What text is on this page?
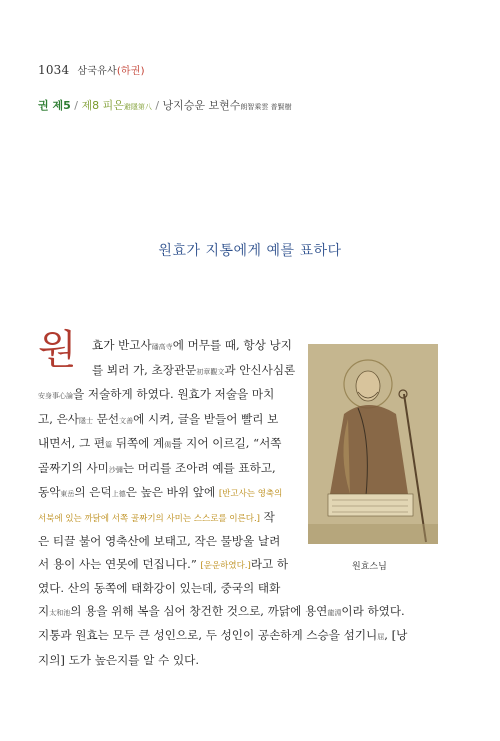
1034 삼국유사(하권)
권 제5 / 제8 피은避隱第八 / 낭지승운 보현수朗智乘雲 普賢樹
원효가 지통에게 예를 표하다
원	효가 반고사磻高寺에 머무를 때, 항상 낭지
를 뵈러 가, 초장관문初章觀文과 안신사심론
安身事心論을 저술하게 하였다. 원효가 저술을 마치
고, 은사隱士 문선文善에 시켜, 글을 받들어 빨리 보
내면서, 그 편篇 뒤쪽에 계偈를 지어 이르길, “서쪽
골짜기의 사미沙彌는 머리를 조아려 예를 표하고,
동악東岳의 은덕上德은 높은 바위 앞에 [반고사는 영축의
서북에 있는 까닭에 서쪽 골짜기의 사미는 스스로를 이른다.] 작
은 티끌 불어 영축산에 보태고, 작은 물방울 날려
서 용이 사는 연못에 던집니다.” [운운하였다.]라고 하
였다. 산의 동쪽에 태화강이 있는데, 중국의 태화
지太和池의 용을 위해 복을 심어 창건한 것으로, 까닭에 용연龍淵이라 하였다.
지통과 원효는 모두 큰 성인으로, 두 성인이 공손하게 스승을 섬기니屈, [낭
지의] 도가 높은지를 알 수 있다.
원효스님
